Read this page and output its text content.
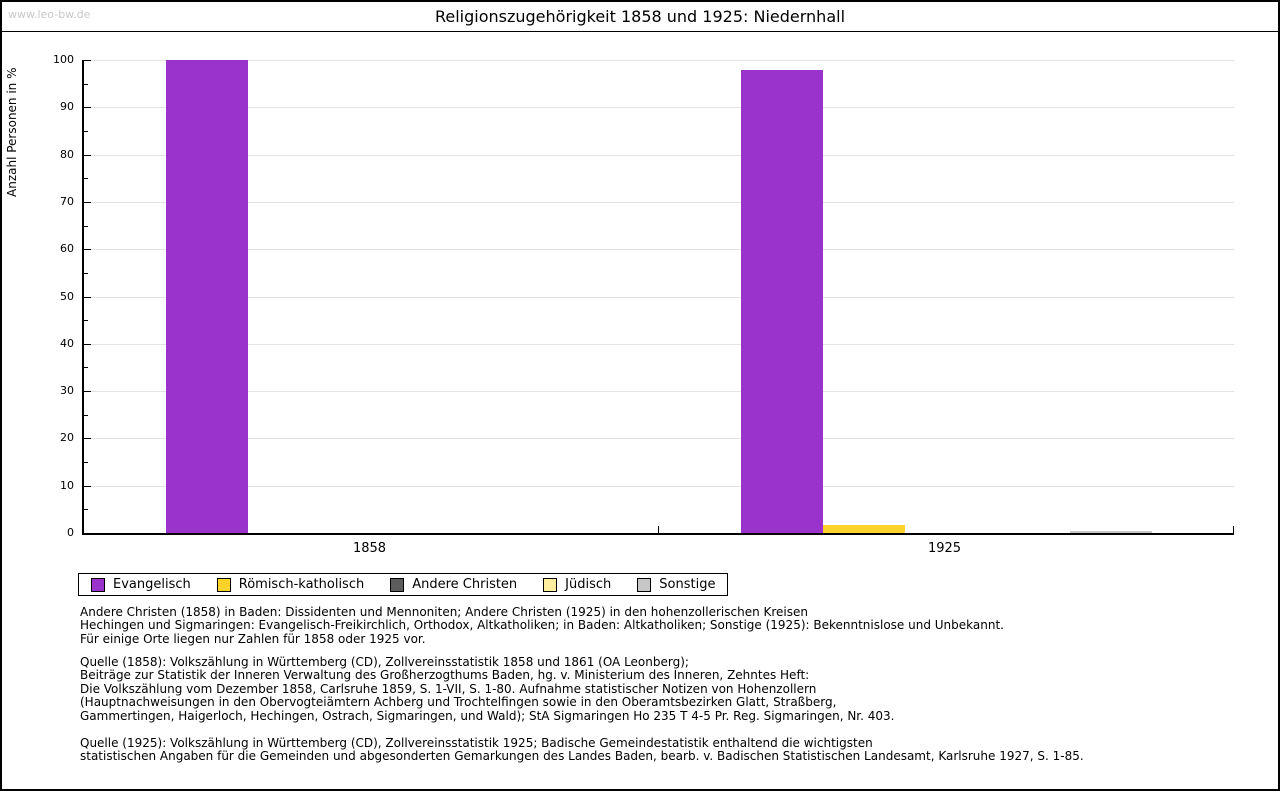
www.leo-bw.de	Religionszugehörigkeit 1858 und 1925: Niedernhall
Anzahl Personen in %
Evangelisch	Römisch-katholisch	Andere Christen	Jüdisch	Sonstige
0
10
20
30
40
50
60
70
80
90
100
1858	1925
Andere Christen (1858) in Baden: Dissidenten und Mennoniten; Andere Christen (1925) in den hohenzollerischen Kreisen
Hechingen und Sigmaringen: Evangelisch-Freikirchlich, Orthodox, Altkatholiken; in Baden: Altkatholiken; Sonstige (1925): Bekenntnislose und Unbekannt.
Für einige Orte liegen nur Zahlen für 1858 oder 1925 vor.
Quelle (1858): Volkszählung in Württemberg (CD), Zollvereinsstatistik 1858 und 1861 (OA Leonberg);
Beiträge zur Statistik der Inneren Verwaltung des Großherzogthums Baden, hg. v. Ministerium des Inneren, Zehntes Heft:
Die Volkszählung vom Dezember 1858, Carlsruhe 1859, S. 1-VII, S. 1-80. Aufnahme statistischer Notizen von Hohenzollern
(Hauptnachweisungen in den Obervogteiämtern Achberg und Trochtelfingen sowie in den Oberamtsbezirken Glatt, Straßberg,
Gammertingen, Haigerloch, Hechingen, Ostrach, Sigmaringen, und Wald); StA Sigmaringen Ho 235 T 4-5 Pr. Reg. Sigmaringen, Nr. 403.
Quelle (1925): Volkszählung in Württemberg (CD), Zollvereinsstatistik 1925; Badische Gemeindestatistik enthaltend die wichtigsten
statistischen Angaben für die Gemeinden und abgesonderten Gemarkungen des Landes Baden, bearb. v. Badischen Statistischen Landesamt, Karlsruhe 1927, S. 1-85.
